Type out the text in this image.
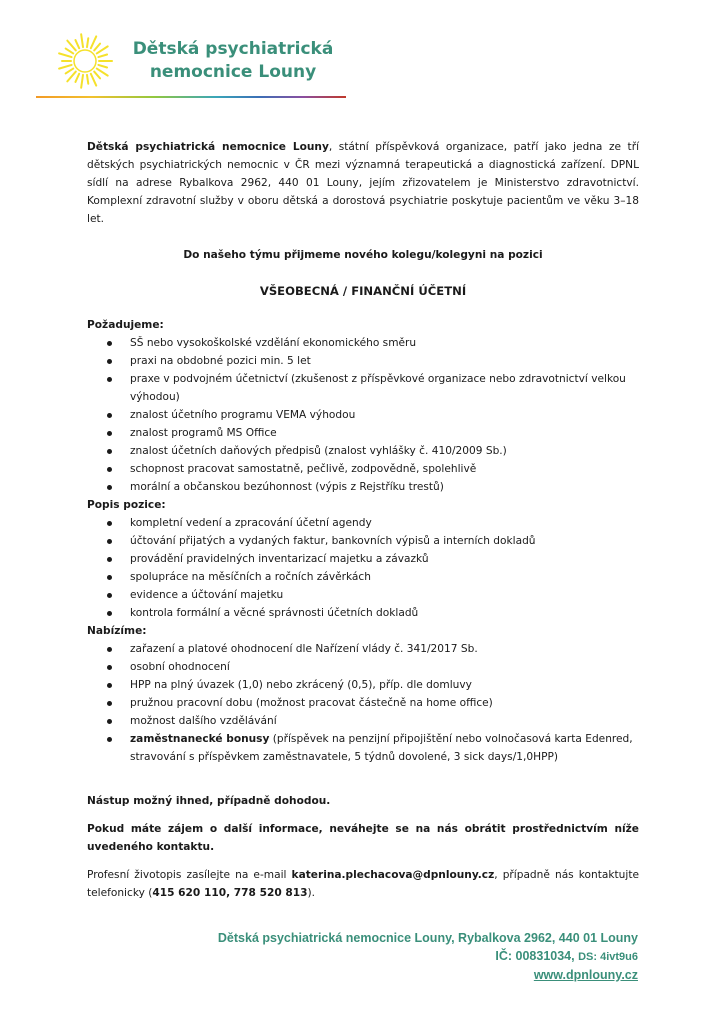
Dětská psychiatrická
nemocnice Louny

Dětská psychiatrická nemocnice Louny, státní příspěvková organizace, patří jako jedna ze tří dětských psychiatrických nemocnic v ČR mezi významná terapeutická a diagnostická zařízení. DPNL sídlí na adrese Rybalkova 2962, 440 01 Louny, jejím zřizovatelem je Ministerstvo zdravotnictví. Komplexní zdravotní služby v oboru dětská a dorostová psychiatrie poskytuje pacientům ve věku 3–18 let.

Do našeho týmu přijmeme nového kolegu/kolegyni na pozici

VŠEOBECNÁ / FINANČNÍ ÚČETNÍ

Požadujeme:

SŠ nebo vysokoškolské vzdělání ekonomického směru
praxi na obdobné pozici min. 5 let
praxe v podvojném účetnictví (zkušenost z příspěvkové organizace nebo zdravotnictví velkou výhodou)
znalost účetního programu VEMA výhodou
znalost programů MS Office
znalost účetních daňových předpisů (znalost vyhlášky č. 410/2009 Sb.)
schopnost pracovat samostatně, pečlivě, zodpovědně, spolehlivě
morální a občanskou bezúhonnost (výpis z Rejstříku trestů)

Popis pozice:

kompletní vedení a zpracování účetní agendy
účtování přijatých a vydaných faktur, bankovních výpisů a interních dokladů
provádění pravidelných inventarizací majetku a závazků
spolupráce na měsíčních a ročních závěrkách
evidence a účtování majetku
kontrola formální a věcné správnosti účetních dokladů

Nabízíme:

zařazení a platové ohodnocení dle Nařízení vlády č. 341/2017 Sb.
osobní ohodnocení
HPP na plný úvazek (1,0) nebo zkrácený (0,5), příp. dle domluvy
pružnou pracovní dobu (možnost pracovat částečně na home office)
možnost dalšího vzdělávání
zaměstnanecké bonusy (příspěvek na penzijní připojištění nebo volnočasová karta Edenred, stravování s příspěvkem zaměstnavatele, 5 týdnů dovolené, 3 sick days/1,0HPP)

Nástup možný ihned, případně dohodou.

Pokud máte zájem o další informace, neváhejte se na nás obrátit prostřednictvím níže uvedeného kontaktu.

Profesní životopis zasílejte na e-mail katerina.plechacova@dpnlouny.cz, případně nás kontaktujte telefonicky (415 620 110, 778 520 813).

Dětská psychiatrická nemocnice Louny, Rybalkova 2962, 440 01 Louny
IČ: 00831034, DS: 4ivt9u6
www.dpnlouny.cz
